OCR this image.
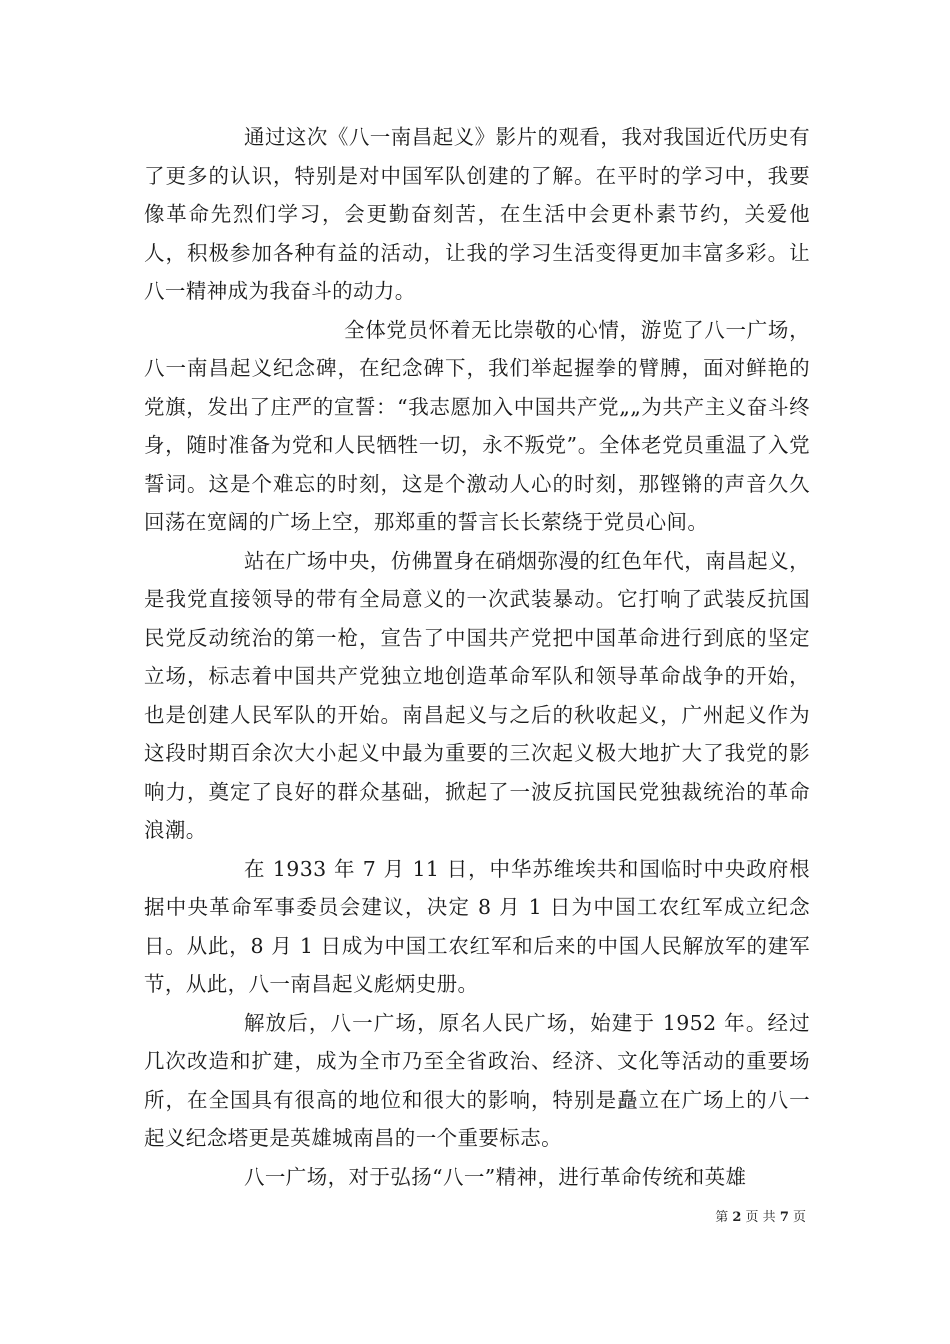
通过这次《八一南昌起义》影片的观看，我对我国近代历史有了更多的认识，特别是对中国军队创建的了解。在平时的学习中，我要像革命先烈们学习，会更勤奋刻苦，在生活中会更朴素节约，关爱他人，积极参加各种有益的活动，让我的学习生活变得更加丰富多彩。让八一精神成为我奋斗的动力。

全体党员怀着无比崇敬的心情，游览了八一广场，八一南昌起义纪念碑，在纪念碑下，我们举起握拳的臂膊，面对鲜艳的党旗，发出了庄严的宣誓：“我志愿加入中国共产党„„为共产主义奋斗终身，随时准备为党和人民牺牲一切，永不叛党”。全体老党员重温了入党誓词。这是个难忘的时刻，这是个激动人心的时刻，那铿锵的声音久久回荡在宽阔的广场上空，那郑重的誓言长长萦绕于党员心间。

站在广场中央，仿佛置身在硝烟弥漫的红色年代，南昌起义，是我党直接领导的带有全局意义的一次武装暴动。它打响了武装反抗国民党反动统治的第一枪，宣告了中国共产党把中国革命进行到底的坚定立场，标志着中国共产党独立地创造革命军队和领导革命战争的开始，也是创建人民军队的开始。南昌起义与之后的秋收起义，广州起义作为这段时期百余次大小起义中最为重要的三次起义极大地扩大了我党的影响力，奠定了良好的群众基础，掀起了一波反抗国民党独裁统治的革命浪潮。

在 1933 年 7 月 11 日，中华苏维埃共和国临时中央政府根据中央革命军事委员会建议，决定 8 月 1 日为中国工农红军成立纪念日。从此，8 月 1 日成为中国工农红军和后来的中国人民解放军的建军节，从此，八一南昌起义彪炳史册。

解放后，八一广场，原名人民广场，始建于 1952 年。经过几次改造和扩建，成为全市乃至全省政治、经济、文化等活动的重要场所，在全国具有很高的地位和很大的影响，特别是矗立在广场上的八一起义纪念塔更是英雄城南昌的一个重要标志。

八一广场，对于弘扬“八一”精神，进行革命传统和英雄

第 2 页 共 7 页
